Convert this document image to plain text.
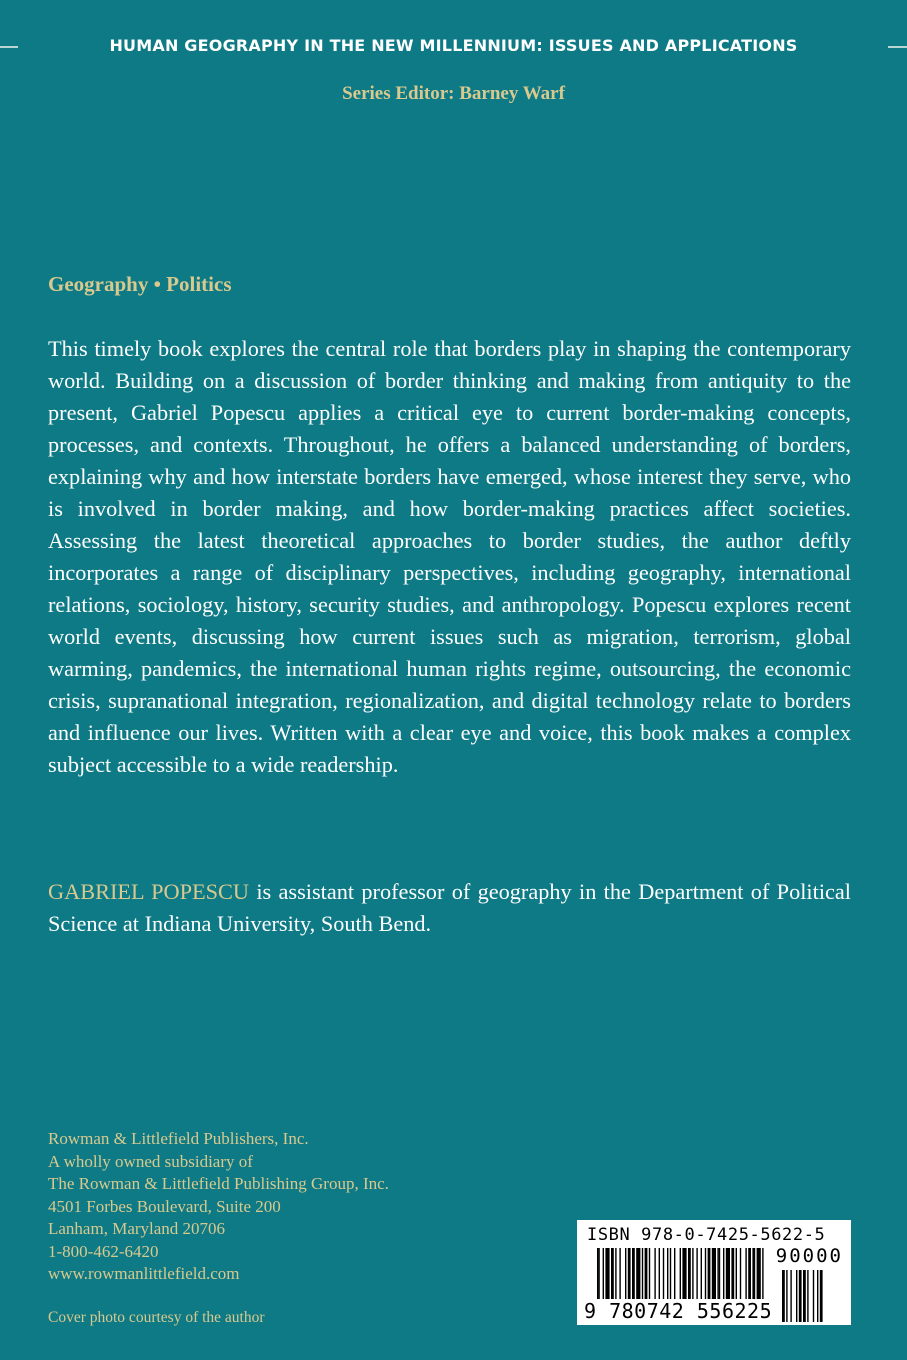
HUMAN GEOGRAPHY IN THE NEW MILLENNIUM: ISSUES AND APPLICATIONS
Series Editor: Barney Warf
Geography • Politics
This timely book explores the central role that borders play in shaping the contemporary world. Building on a discussion of border thinking and making from antiquity to the present, Gabriel Popescu applies a critical eye to current border-making concepts, processes, and contexts. Throughout, he offers a balanced understanding of borders, explaining why and how interstate borders have emerged, whose interest they serve, who is involved in border making, and how border-making practices affect societies. Assessing the latest theoretical approaches to border studies, the author deftly incorporates a range of disciplinary perspectives, including geography, international relations, sociology, history, security studies, and anthropology. Popescu explores recent world events, discussing how current issues such as migration, terrorism, global warming, pandemics, the international human rights regime, outsourcing, the economic crisis, supranational integration, regionalization, and digital technology relate to borders and influence our lives. Written with a clear eye and voice, this book makes a complex subject accessible to a wide readership.
GABRIEL POPESCU is assistant professor of geography in the Department of Political Science at Indiana University, South Bend.
Rowman & Littlefield Publishers, Inc.
A wholly owned subsidiary of
The Rowman & Littlefield Publishing Group, Inc.
4501 Forbes Boulevard, Suite 200
Lanham, Maryland 20706
1-800-462-6420
www.rowmanlittlefield.com
Cover photo courtesy of the author
ISBN 978-0-7425-5622-5
90000
9 780742 556225
